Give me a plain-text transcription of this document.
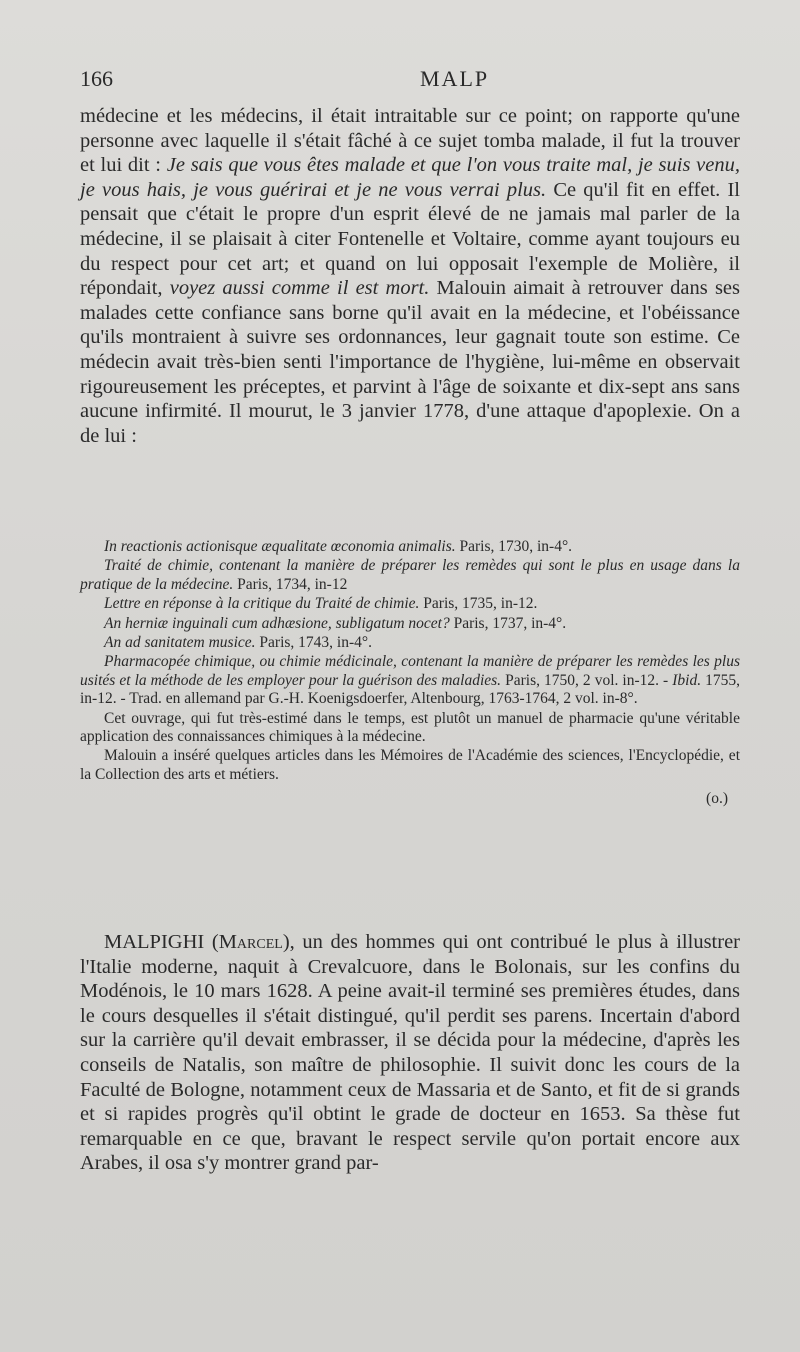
166	MALP
médecine et les médecins, il était intraitable sur ce point; on rapporte qu'une personne avec laquelle il s'était fâché à ce sujet tomba malade, il fut la trouver et lui dit : Je sais que vous êtes malade et que l'on vous traite mal, je suis venu, je vous hais, je vous guérirai et je ne vous verrai plus. Ce qu'il fit en effet. Il pensait que c'était le propre d'un esprit élevé de ne jamais mal parler de la médecine, il se plaisait à citer Fontenelle et Voltaire, comme ayant toujours eu du respect pour cet art; et quand on lui opposait l'exemple de Molière, il répondait, voyez aussi comme il est mort. Malouin aimait à retrouver dans ses malades cette confiance sans borne qu'il avait en la médecine, et l'obéissance qu'ils montraient à suivre ses ordonnances, leur gagnait toute son estime. Ce médecin avait très-bien senti l'importance de l'hygiène, lui-même en observait rigoureusement les préceptes, et parvint à l'âge de soixante et dix-sept ans sans aucune infirmité. Il mourut, le 3 janvier 1778, d'une attaque d'apoplexie. On a de lui :

In reactionis actionisque æqualitate œconomia animalis. Paris, 1730, in-4°.

Traité de chimie, contenant la manière de préparer les remèdes qui sont le plus en usage dans la pratique de la médecine. Paris, 1734, in-12

Lettre en réponse à la critique du Traité de chimie. Paris, 1735, in-12.

An herniæ inguinali cum adhæsione, subligatum nocet? Paris, 1737, in-4°.

An ad sanitatem musice. Paris, 1743, in-4°.

Pharmacopée chimique, ou chimie médicinale, contenant la manière de préparer les remèdes les plus usités et la méthode de les employer pour la guérison des maladies. Paris, 1750, 2 vol. in-12. - Ibid. 1755, in-12. - Trad. en allemand par G.-H. Koenigsdoerfer, Altenbourg, 1763-1764, 2 vol. in-8°.

Cet ouvrage, qui fut très-estimé dans le temps, est plutôt un manuel de pharmacie qu'une véritable application des connaissances chimiques à la médecine.

Malouin a inséré quelques articles dans les Mémoires de l'Académie des sciences, l'Encyclopédie, et la Collection des arts et métiers.

(o.)

MALPIGHI (Marcel), un des hommes qui ont contribué le plus à illustrer l'Italie moderne, naquit à Crevalcuore, dans le Bolonais, sur les confins du Modénois, le 10 mars 1628. A peine avait-il terminé ses premières études, dans le cours desquelles il s'était distingué, qu'il perdit ses parens. Incertain d'abord sur la carrière qu'il devait embrasser, il se décida pour la médecine, d'après les conseils de Natalis, son maître de philosophie. Il suivit donc les cours de la Faculté de Bologne, notamment ceux de Massaria et de Santo, et fit de si grands et si rapides progrès qu'il obtint le grade de docteur en 1653. Sa thèse fut remarquable en ce que, bravant le respect servile qu'on portait encore aux Arabes, il osa s'y montrer grand par-
